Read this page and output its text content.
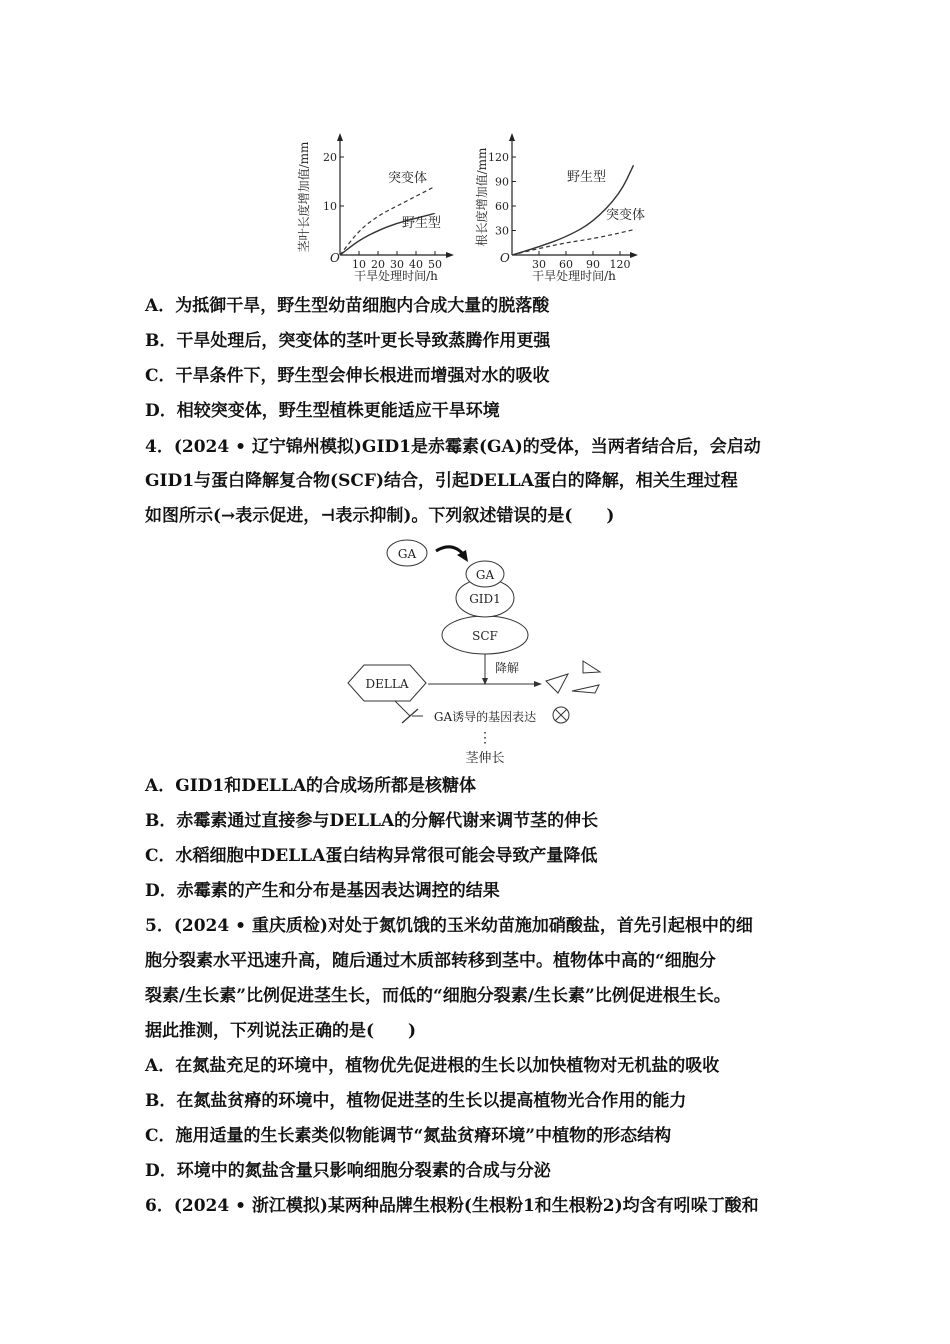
茎叶长度增加值/mm
O
10
20
10 20 30 40 50
突变体
野生型
干旱处理时间/h
根长度增加值/mm
O
30
60
90
120
30 60 90 120
野生型
突变体
干旱处理时间/h
A．为抵御干旱，野生型幼苗细胞内合成大量的脱落酸
B．干旱处理后，突变体的茎叶更长导致蒸腾作用更强
C．干旱条件下，野生型会伸长根进而增强对水的吸收
D．相较突变体，野生型植株更能适应干旱环境
4．(2024 • 辽宁锦州模拟)GID1是赤霉素(GA)的受体，当两者结合后，会启动
GID1与蛋白降解复合物(SCF)结合，引起DELLA蛋白的降解，相关生理过程
如图所示(→表示促进，⊣表示抑制)。下列叙述错误的是(　　)
GA
SCF
GID1
GA
降解
DELLA
GA诱导的基因表达
⋮
茎伸长
A．GID1和DELLA的合成场所都是核糖体
B．赤霉素通过直接参与DELLA的分解代谢来调节茎的伸长
C．水稻细胞中DELLA蛋白结构异常很可能会导致产量降低
D．赤霉素的产生和分布是基因表达调控的结果
5．(2024 • 重庆质检)对处于氮饥饿的玉米幼苗施加硝酸盐，首先引起根中的细
胞分裂素水平迅速升高，随后通过木质部转移到茎中。植物体中高的“细胞分
裂素/生长素”比例促进茎生长，而低的“细胞分裂素/生长素”比例促进根生长。
据此推测，下列说法正确的是(　　)
A．在氮盐充足的环境中，植物优先促进根的生长以加快植物对无机盐的吸收
B．在氮盐贫瘠的环境中，植物促进茎的生长以提高植物光合作用的能力
C．施用适量的生长素类似物能调节“氮盐贫瘠环境”中植物的形态结构
D．环境中的氮盐含量只影响细胞分裂素的合成与分泌
6．(2024 • 浙江模拟)某两种品牌生根粉(生根粉1和生根粉2)均含有吲哚丁酸和
